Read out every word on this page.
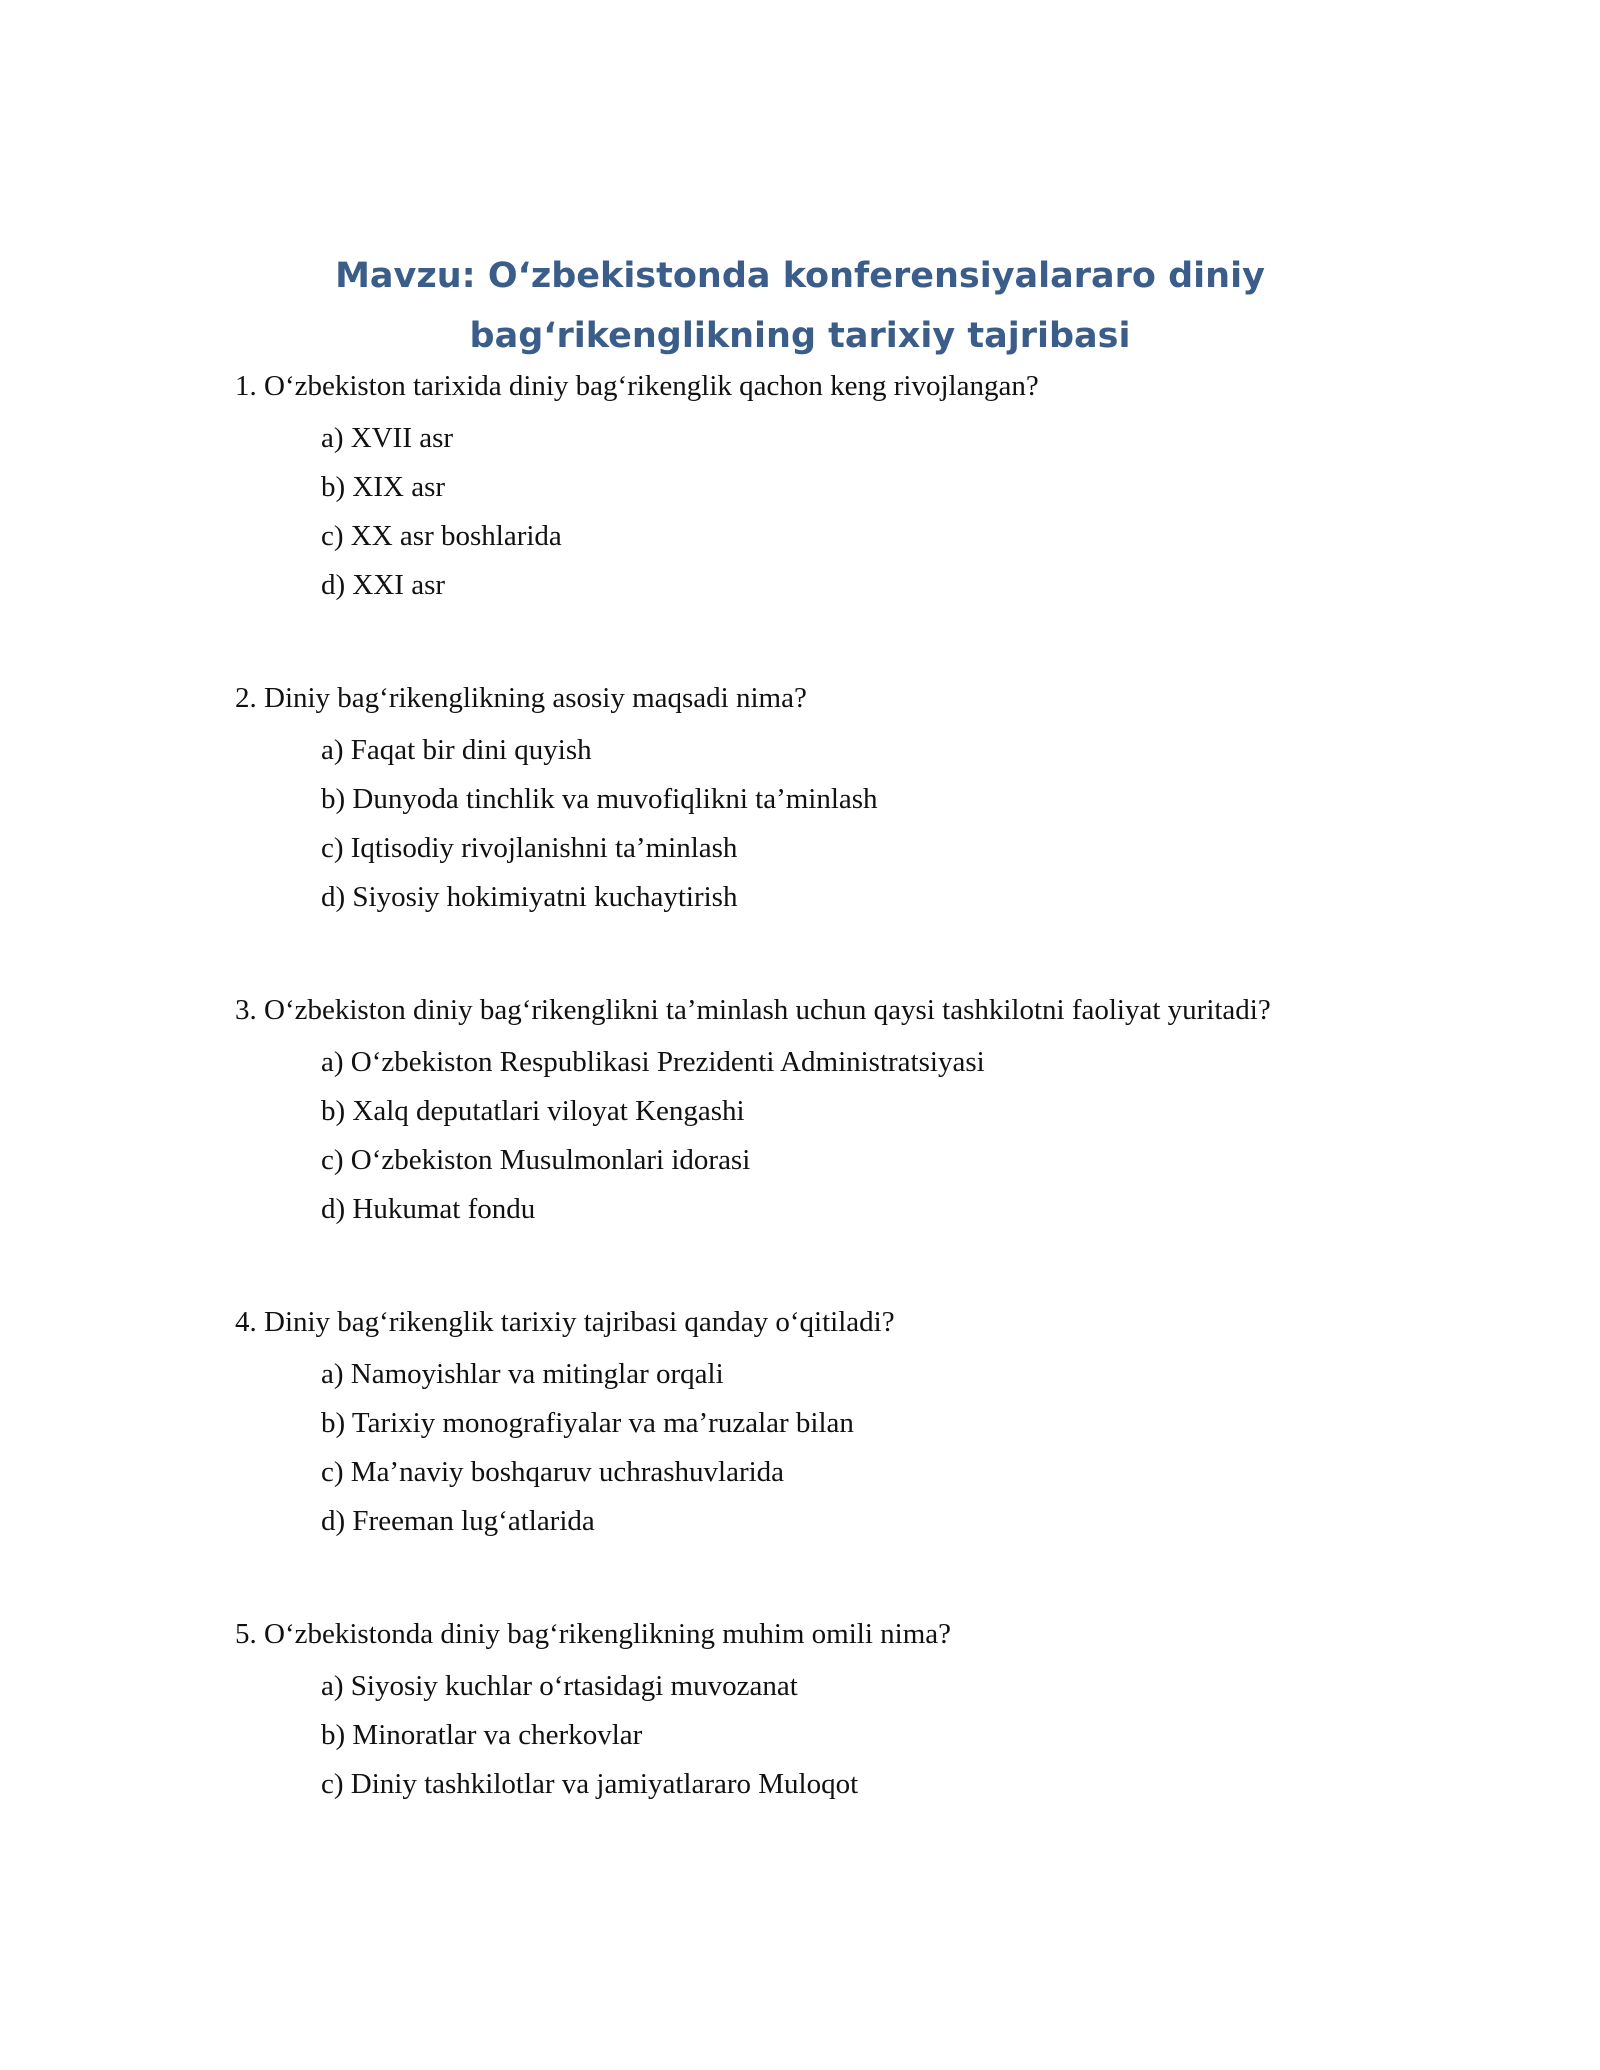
Mavzu: O‘zbekistonda konferensiyalararo diniy bag‘rikenglikning tarixiy tajribasi

1. O‘zbekiston tarixida diniy bag‘rikenglik qachon keng rivojlangan?

a) XVII asr
b) XIX asr
c) XX asr boshlarida
d) XXI asr

2. Diniy bag‘rikenglikning asosiy maqsadi nima?

a) Faqat bir dini quyish
b) Dunyoda tinchlik va muvofiqlikni ta’minlash
c) Iqtisodiy rivojlanishni ta’minlash
d) Siyosiy hokimiyatni kuchaytirish

3. O‘zbekiston diniy bag‘rikenglikni ta’minlash uchun qaysi tashkilotni faoliyat yuritadi?

a) O‘zbekiston Respublikasi Prezidenti Administratsiyasi
b) Xalq deputatlari viloyat Kengashi
c) O‘zbekiston Musulmonlari idorasi
d) Hukumat fondu

4. Diniy bag‘rikenglik tarixiy tajribasi qanday o‘qitiladi?

a) Namoyishlar va mitinglar orqali
b) Tarixiy monografiyalar va ma’ruzalar bilan
c) Ma’naviy boshqaruv uchrashuvlarida
d) Freeman lug‘atlarida

5. O‘zbekistonda diniy bag‘rikenglikning muhim omili nima?

a) Siyosiy kuchlar o‘rtasidagi muvozanat
b) Minoratlar va cherkovlar
c) Diniy tashkilotlar va jamiyatlararo Muloqot
